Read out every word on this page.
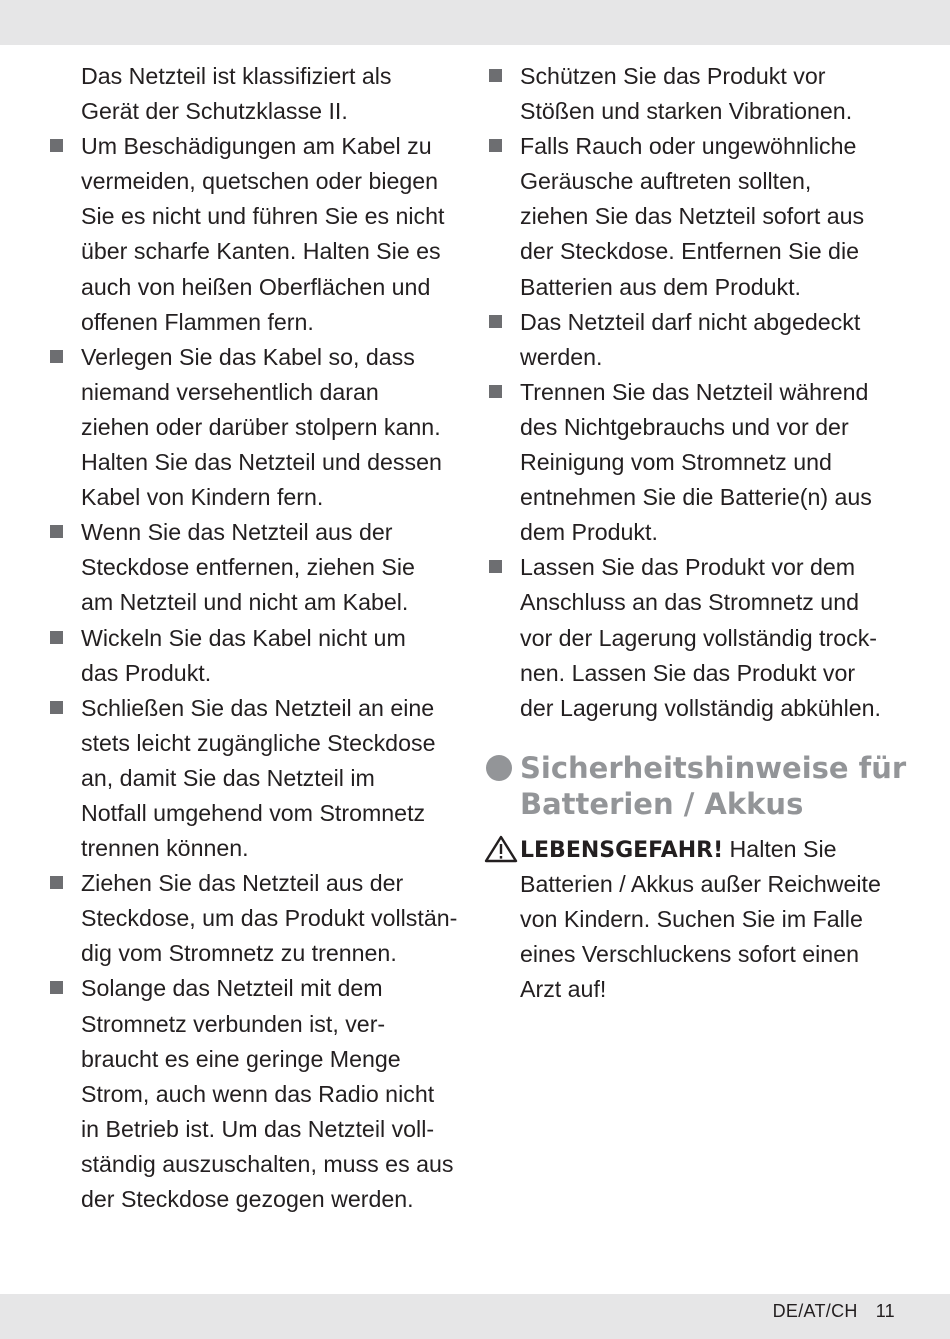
Das Netzteil ist klassifiziert als
Gerät der Schutzklasse II.
Um Beschädigungen am Kabel zu
vermeiden, quetschen oder biegen
Sie es nicht und führen Sie es nicht
über scharfe Kanten. Halten Sie es
auch von heißen Oberflächen und
offenen Flammen fern.
Verlegen Sie das Kabel so, dass
niemand versehentlich daran
ziehen oder darüber stolpern kann.
Halten Sie das Netzteil und dessen
Kabel von Kindern fern.
Wenn Sie das Netzteil aus der
Steckdose entfernen, ziehen Sie
am Netzteil und nicht am Kabel.
Wickeln Sie das Kabel nicht um
das Produkt.
Schließen Sie das Netzteil an eine
stets leicht zugängliche Steckdose
an, damit Sie das Netzteil im
Notfall umgehend vom Stromnetz
trennen können.
Ziehen Sie das Netzteil aus der
Steckdose, um das Produkt vollstän-
dig vom Stromnetz zu trennen.
Solange das Netzteil mit dem
Stromnetz verbunden ist, ver-
braucht es eine geringe Menge
Strom, auch wenn das Radio nicht
in Betrieb ist. Um das Netzteil voll-
ständig auszuschalten, muss es aus
der Steckdose gezogen werden.
Schützen Sie das Produkt vor
Stößen und starken Vibrationen.
Falls Rauch oder ungewöhnliche
Geräusche auftreten sollten,
ziehen Sie das Netzteil sofort aus
der Steckdose. Entfernen Sie die
Batterien aus dem Produkt.
Das Netzteil darf nicht abgedeckt
werden.
Trennen Sie das Netzteil während
des Nichtgebrauchs und vor der
Reinigung vom Stromnetz und
entnehmen Sie die Batterie(n) aus
dem Produkt.
Lassen Sie das Produkt vor dem
Anschluss an das Stromnetz und
vor der Lagerung vollständig trock-
nen. Lassen Sie das Produkt vor
der Lagerung vollständig abkühlen.
Sicherheitshinweise für
Batterien / Akkus
LEBENSGEFAHR! Halten Sie
Batterien / Akkus außer Reichweite
von Kindern. Suchen Sie im Falle
eines Verschluckens sofort einen
Arzt auf!
DE/AT/CH 11
